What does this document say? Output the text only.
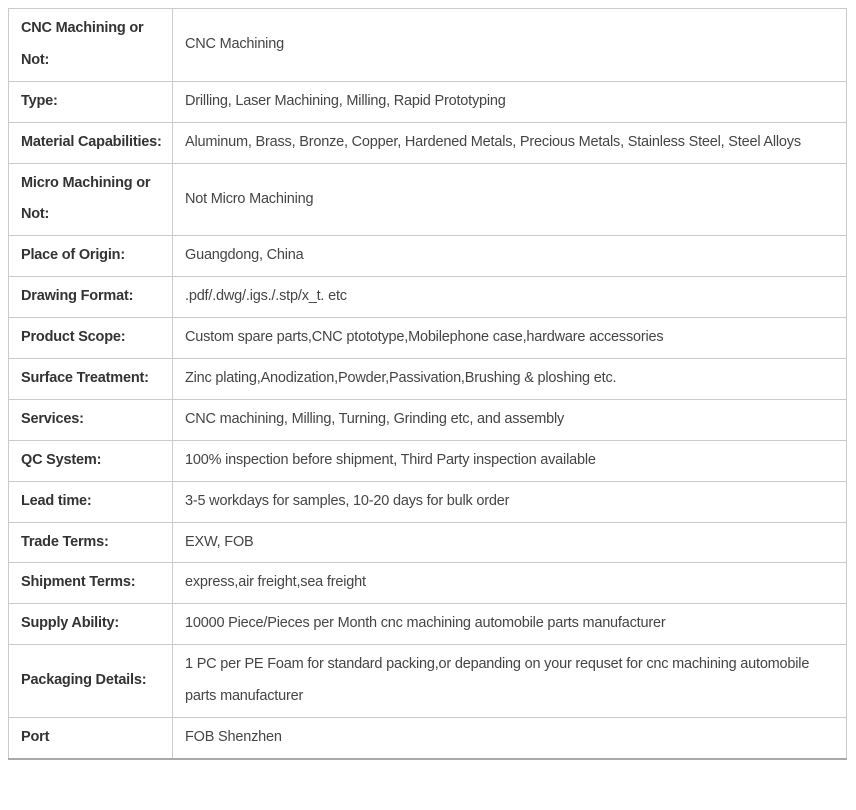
CNC Machining or Not:	CNC Machining
Type:	Drilling, Laser Machining, Milling, Rapid Prototyping
Material Capabilities:	Aluminum, Brass, Bronze, Copper, Hardened Metals, Precious Metals, Stainless Steel, Steel Alloys
Micro Machining or Not:	Not Micro Machining
Place of Origin:	Guangdong, China
Drawing Format:	.pdf/.dwg/.igs./.stp/x_t. etc
Product Scope:	Custom spare parts,CNC ptototype,Mobilephone case,hardware accessories
Surface Treatment:	Zinc plating,Anodization,Powder,Passivation,Brushing & ploshing etc.
Services:	CNC machining, Milling, Turning, Grinding etc, and assembly
QC System:	100% inspection before shipment, Third Party inspection available
Lead time:	3-5 workdays for samples, 10-20 days for bulk order
Trade Terms:	EXW, FOB
Shipment Terms:	express,air freight,sea freight
Supply Ability:	10000 Piece/Pieces per Month cnc machining automobile parts manufacturer
Packaging Details:	1 PC per PE Foam for standard packing,or depanding on your requset for cnc machining automobile parts manufacturer
Port	FOB Shenzhen
